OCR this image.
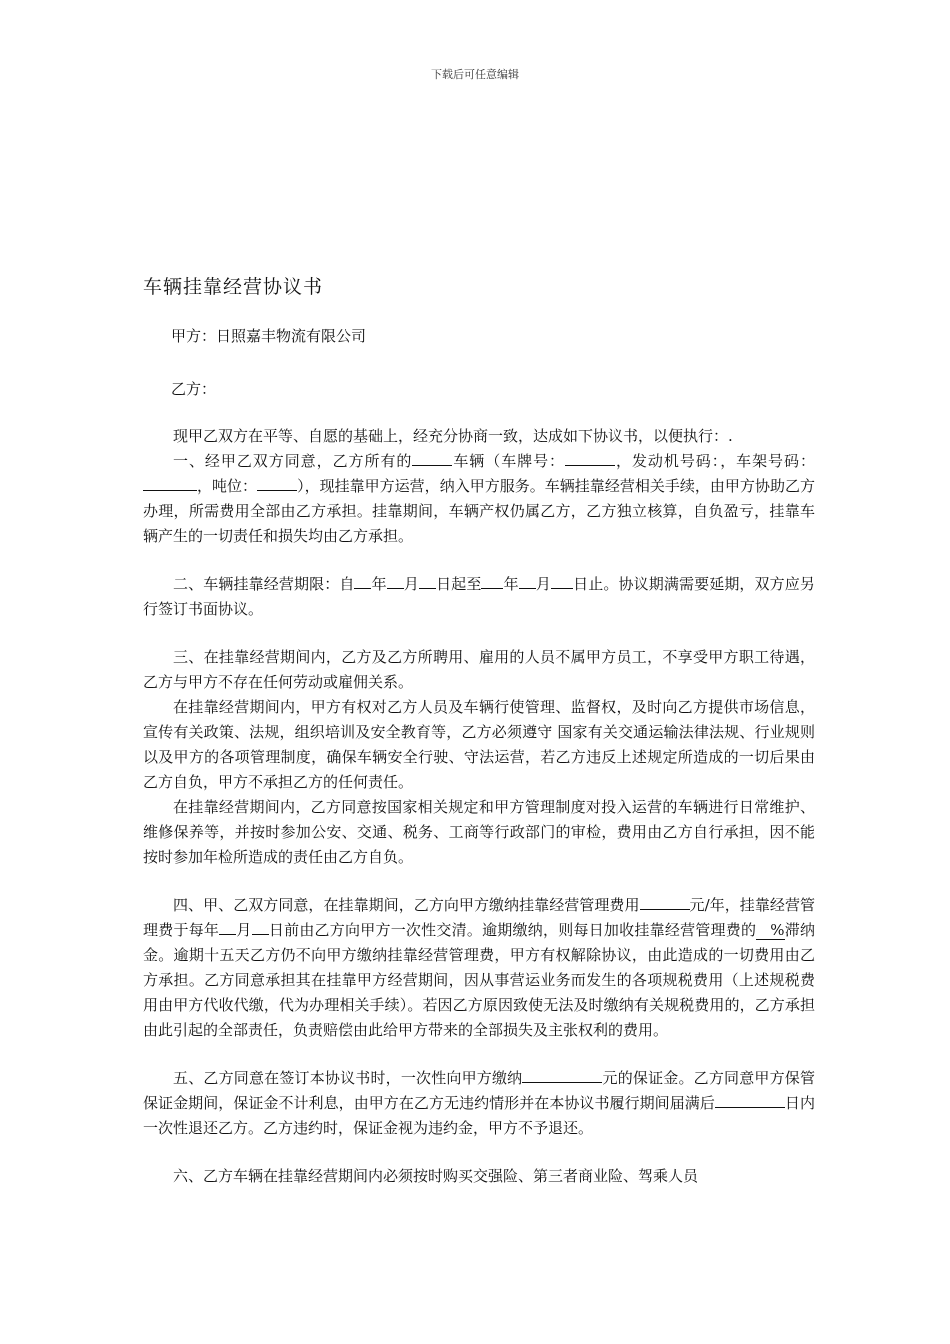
下载后可任意编辑
车辆挂靠经营协议书
甲方：日照嘉丰物流有限公司
乙方：

现甲乙双方在平等、自愿的基础上，经充分协商一致，达成如下协议书，以便执行：.

一、经甲乙双方同意，乙方所有的	车辆（车牌号：	，发动机号码：，车架号码：，吨位：	），现挂靠甲方运营，纳入甲方服务。车辆挂靠经营相关手续，由甲方协助乙方办理，所需费用全部由乙方承担。挂靠期间，车辆产权仍属乙方，乙方独立核算，自负盈亏，挂靠车辆产生的一切责任和损失均由乙方承担。

二、车辆挂靠经营期限：自 年 月 日起至 年 月 日止。协议期满需要延期，双方应另行签订书面协议。

三、在挂靠经营期间内，乙方及乙方所聘用、雇用的人员不属甲方员工，不享受甲方职工待遇，乙方与甲方不存在任何劳动或雇佣关系。

在挂靠经营期间内，甲方有权对乙方人员及车辆行使管理、监督权，及时向乙方提供市场信息，宣传有关政策、法规，组织培训及安全教育等，乙方必须遵守 国家有关交通运输法律法规、行业规则以及甲方的各项管理制度，确保车辆安全行驶、守法运营，若乙方违反上述规定所造成的一切后果由乙方自负，甲方不承担乙方的任何责任。

在挂靠经营期间内，乙方同意按国家相关规定和甲方管理制度对投入运营的车辆进行日常维护、维修保养等，并按时参加公安、交通、税务、工商等行政部门的审检，费用由乙方自行承担，因不能按时参加年检所造成的责任由乙方自负。

四、甲、乙双方同意，在挂靠期间，乙方向甲方缴纳挂靠经营管理费用	元/年，挂靠经营管理费于每年 月 日前由乙方向甲方一次性交清。逾期缴纳，则每日加收挂靠经营管理费的 %滞纳金。逾期十五天乙方仍不向甲方缴纳挂靠经营管理费，甲方有权解除协议，由此造成的一切费用由乙方承担。乙方同意承担其在挂靠甲方经营期间，因从事营运业务而发生的各项规税费用（上述规税费用由甲方代收代缴，代为办理相关手续）。若因乙方原因致使无法及时缴纳有关规税费用的，乙方承担由此引起的全部责任，负责赔偿由此给甲方带来的全部损失及主张权利的费用。

五、乙方同意在签订本协议书时，一次性向甲方缴纳	元的保证金。乙方同意甲方保管保证金期间，保证金不计利息，由甲方在乙方无违约情形并在本协议书履行期间届满后	日内一次性退还乙方。乙方违约时，保证金视为违约金，甲方不予退还。

六、乙方车辆在挂靠经营期间内必须按时购买交强险、第三者商业险、驾乘人员
